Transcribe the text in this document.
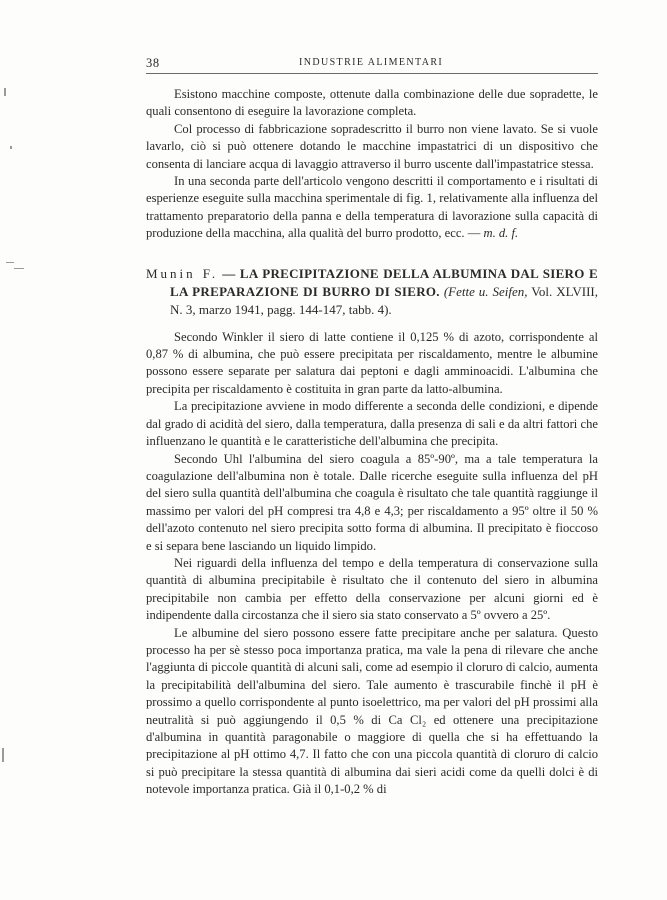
38	INDUSTRIE ALIMENTARI

Esistono macchine composte, ottenute dalla combinazione delle due sopradette, le quali consentono di eseguire la lavorazione completa.

Col processo di fabbricazione sopradescritto il burro non viene lavato. Se si vuole lavarlo, ciò si può ottenere dotando le macchine impastatrici di un dispositivo che consenta di lanciare acqua di lavaggio attraverso il burro uscente dall'impastatrice stessa.

In una seconda parte dell'articolo vengono descritti il comportamento e i risultati di esperienze eseguite sulla macchina sperimentale di fig. 1, relativamente alla influenza del trattamento preparatorio della panna e della temperatura di lavorazione sulla capacità di produzione della macchina, alla qualità del burro prodotto, ecc. — m. d. f.

Munin F. — LA PRECIPITAZIONE DELLA ALBUMINA DAL SIERO E LA PREPARAZIONE DI BURRO DI SIERO. (Fette u. Seifen, Vol. XLVIII, N. 3, marzo 1941, pagg. 144-147, tabb. 4).

Secondo Winkler il siero di latte contiene il 0,125 % di azoto, corrispondente al 0,87 % di albumina, che può essere precipitata per riscaldamento, mentre le albumine possono essere separate per salatura dai peptoni e dagli amminoacidi. L'albumina che precipita per riscaldamento è costituita in gran parte da latto-albumina.

La precipitazione avviene in modo differente a seconda delle condizioni, e dipende dal grado di acidità del siero, dalla temperatura, dalla presenza di sali e da altri fattori che influenzano le quantità e le caratteristiche dell'albumina che precipita.

Secondo Uhl l'albumina del siero coagula a 85º-90º, ma a tale temperatura la coagulazione dell'albumina non è totale. Dalle ricerche eseguite sulla influenza del pH del siero sulla quantità dell'albumina che coagula è risultato che tale quantità raggiunge il massimo per valori del pH compresi tra 4,8 e 4,3; per riscaldamento a 95º oltre il 50 % dell'azoto contenuto nel siero precipita sotto forma di albumina. Il precipitato è fioccoso e si separa bene lasciando un liquido limpido.

Nei riguardi della influenza del tempo e della temperatura di conservazione sulla quantità di albumina precipitabile è risultato che il contenuto del siero in albumina precipitabile non cambia per effetto della conservazione per alcuni giorni ed è indipendente dalla circostanza che il siero sia stato conservato a 5º ovvero a 25º.

Le albumine del siero possono essere fatte precipitare anche per salatura. Questo processo ha per sè stesso poca importanza pratica, ma vale la pena di rilevare che anche l'aggiunta di piccole quantità di alcuni sali, come ad esempio il cloruro di calcio, aumenta la precipitabilità dell'albumina del siero. Tale aumento è trascurabile finchè il pH è prossimo a quello corrispondente al punto isoelettrico, ma per valori del pH prossimi alla neutralità si può aggiungendo il 0,5 % di Ca Cl₂ ed ottenere una precipitazione d'albumina in quantità paragonabile o maggiore di quella che si ha effettuando la precipitazione al pH ottimo 4,7. Il fatto che con una piccola quantità di cloruro di calcio si può precipitare la stessa quantità di albumina dai sieri acidi come da quelli dolci è di notevole importanza pratica. Già il 0,1-0,2 % di
